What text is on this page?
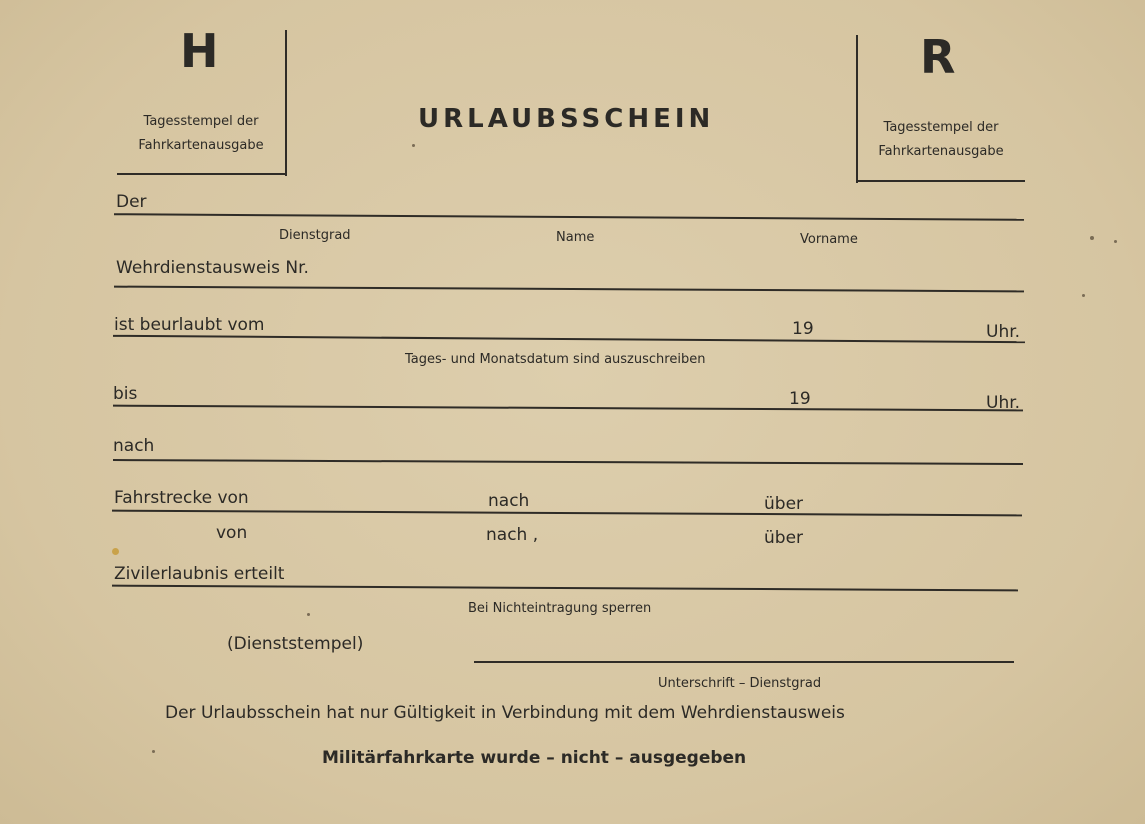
H
Tagesstempel der
Fahrkartenausgabe
URLAUBSSCHEIN
R
Tagesstempel der
Fahrkartenausgabe
Der
Dienstgrad	Name	Vorname
Wehrdienstausweis Nr.
ist beurlaubt vom	19	Uhr.
Tages- und Monatsdatum sind auszuschreiben
bis	19	Uhr.
nach
Fahrstrecke von	nach	über
von	nach ,	über
Zivilerlaubnis erteilt
Bei Nichteintragung sperren
(Dienststempel)
Unterschrift – Dienstgrad
Der Urlaubsschein hat nur Gültigkeit in Verbindung mit dem Wehrdienstausweis
Militärfahrkarte wurde – nicht – ausgegeben
